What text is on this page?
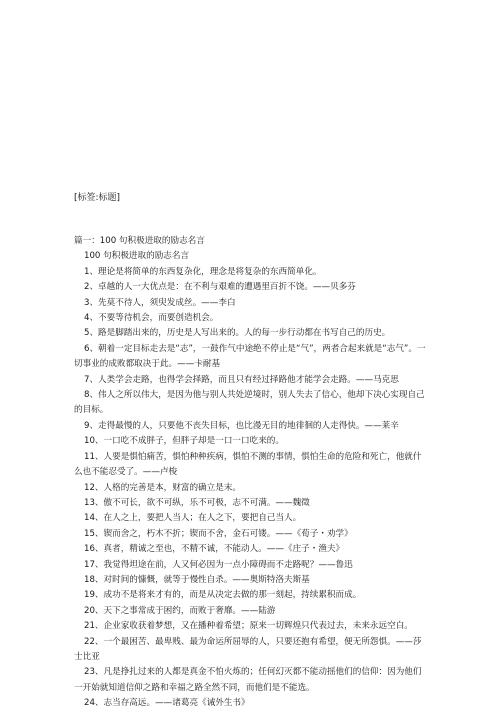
[标签:标题]

篇一：100 句积极进取的励志名言

100 句积极进取的励志名言

1、理论是将简单的东西复杂化，理念是将复杂的东西简单化。

2、卓越的人一大优点是：在不利与艰难的遭遇里百折不饶。——贝多芬

3、先莫不待人，须臾发成丝。——李白

4、不要等待机会，而要创造机会。

5、路是脚踏出来的，历史是人写出来的。人的每一步行动都在书写自己的历史。

6、朝着一定目标走去是“志”，一鼓作气中途绝不停止是“气”，两者合起来就是“志气”。一切事业的成败都取决于此。——卡耐基

7、人类学会走路，也得学会择路，而且只有经过择路他才能学会走路。——马克思

8、伟人之所以伟大，是因为他与别人共处逆境时，别人失去了信心，他却下决心实现自己的目标。

9、走得最慢的人，只要他不丧失目标，也比漫无目的地徘徊的人走得快。——莱辛

10、一口吃不成胖子，但胖子却是一口一口吃来的。

11、人要是惧怕痛苦，惧怕种种疾病，惧怕不测的事情，惧怕生命的危险和死亡，他就什么也不能忍受了。——卢梭

12、人格的完善是本，财富的确立是末。

13、傲不可长，欲不可纵，乐不可极，志不可满。——魏徵

14、在人之上，要把人当人；在人之下，要把自己当人。

15、锲而舍之，朽木不折；锲而不舍，金石可镂。——《荀子・劝学》

16、真者，精诚之至也，不精不诚，不能动人。——《庄子・渔夫》

17、我觉得坦途在前，人又何必因为一点小障碍而不走路呢？——鲁迅

18、对时间的慷慨，就等于慢性自杀。——奥斯特洛夫斯基

19、成功不是将来才有的，而是从决定去做的那一刻起，持续累积而成。

20、天下之事常成于困约，而败于奢靡。——陆游

21、企业家收获着梦想，又在播种着希望；原来一切辉煌只代表过去，未来永远空白。

22、一个最困苦、最卑贱、最为命运所屈辱的人，只要还抱有希望，便无所怨惧。——莎士比亚

23、凡是挣扎过来的人都是真金不怕火炼的；任何幻灭都不能动摇他们的信仰：因为他们一开始就知道信仰之路和幸福之路全然不同，而他们是不能选。

24、志当存高远。——诸葛亮《诫外生书》
